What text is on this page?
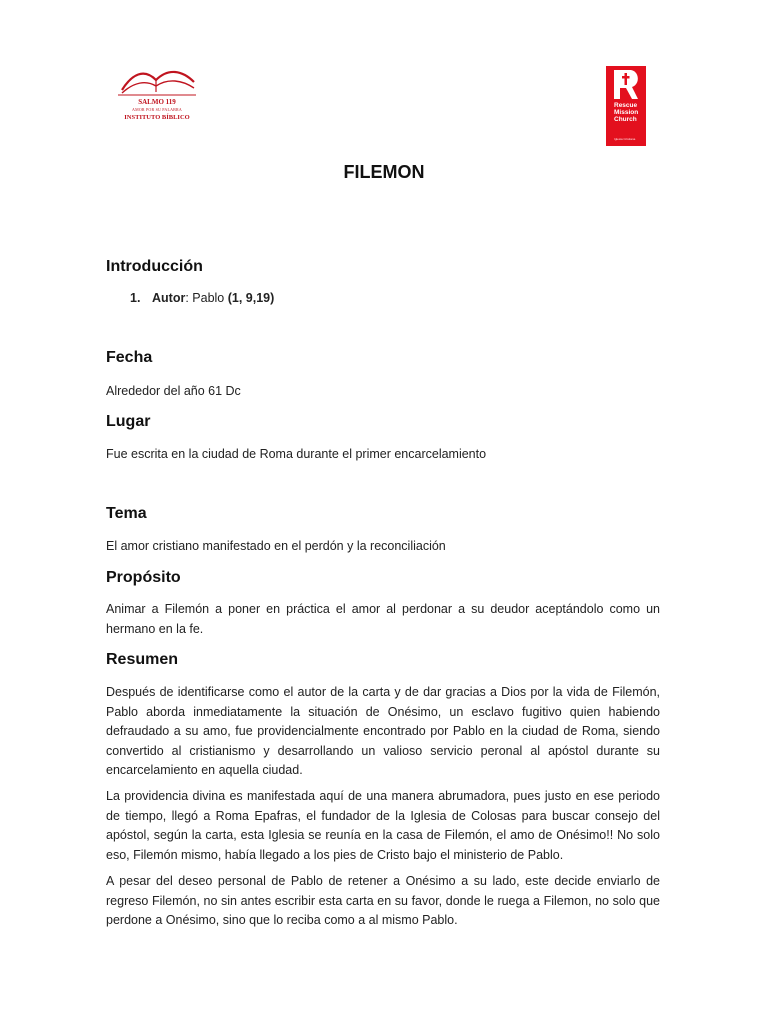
SALMO 119
AMOR POR SU PALABRA
INSTITUTO BÍBLICO
Rescue Mission Church
Iglesia Cristiana
FILEMON
Introducción
1. Autor: Pablo (1, 9,19)
Fecha

Alrededor del año 61 Dc

Lugar

Fue escrita en la ciudad de Roma durante el primer encarcelamiento

Tema

El amor cristiano manifestado en el perdón y la reconciliación

Propósito

Animar a Filemón a poner en práctica el amor al perdonar a su deudor aceptándolo como un hermano en la fe.

Resumen

Después de identificarse como el autor de la carta y de dar gracias a Dios por la vida de Filemón, Pablo aborda inmediatamente la situación de Onésimo, un esclavo fugitivo quien habiendo defraudado a su amo, fue providencialmente encontrado por Pablo en la ciudad de Roma, siendo convertido al cristianismo y desarrollando un valioso servicio peronal al apóstol durante su encarcelamiento en aquella ciudad.

La providencia divina es manifestada aquí de una manera abrumadora, pues justo en ese periodo de tiempo, llegó a Roma Epafras, el fundador de la Iglesia de Colosas para buscar consejo del apóstol, según la carta, esta Iglesia se reunía en la casa de Filemón, el amo de Onésimo!! No solo eso, Filemón mismo, había llegado a los pies de Cristo bajo el ministerio de Pablo.

A pesar del deseo personal de Pablo de retener a Onésimo a su lado, este decide enviarlo de regreso Filemón, no sin antes escribir esta carta en su favor, donde le ruega a Filemon, no solo que perdone a Onésimo, sino que lo reciba como a al mismo Pablo.
